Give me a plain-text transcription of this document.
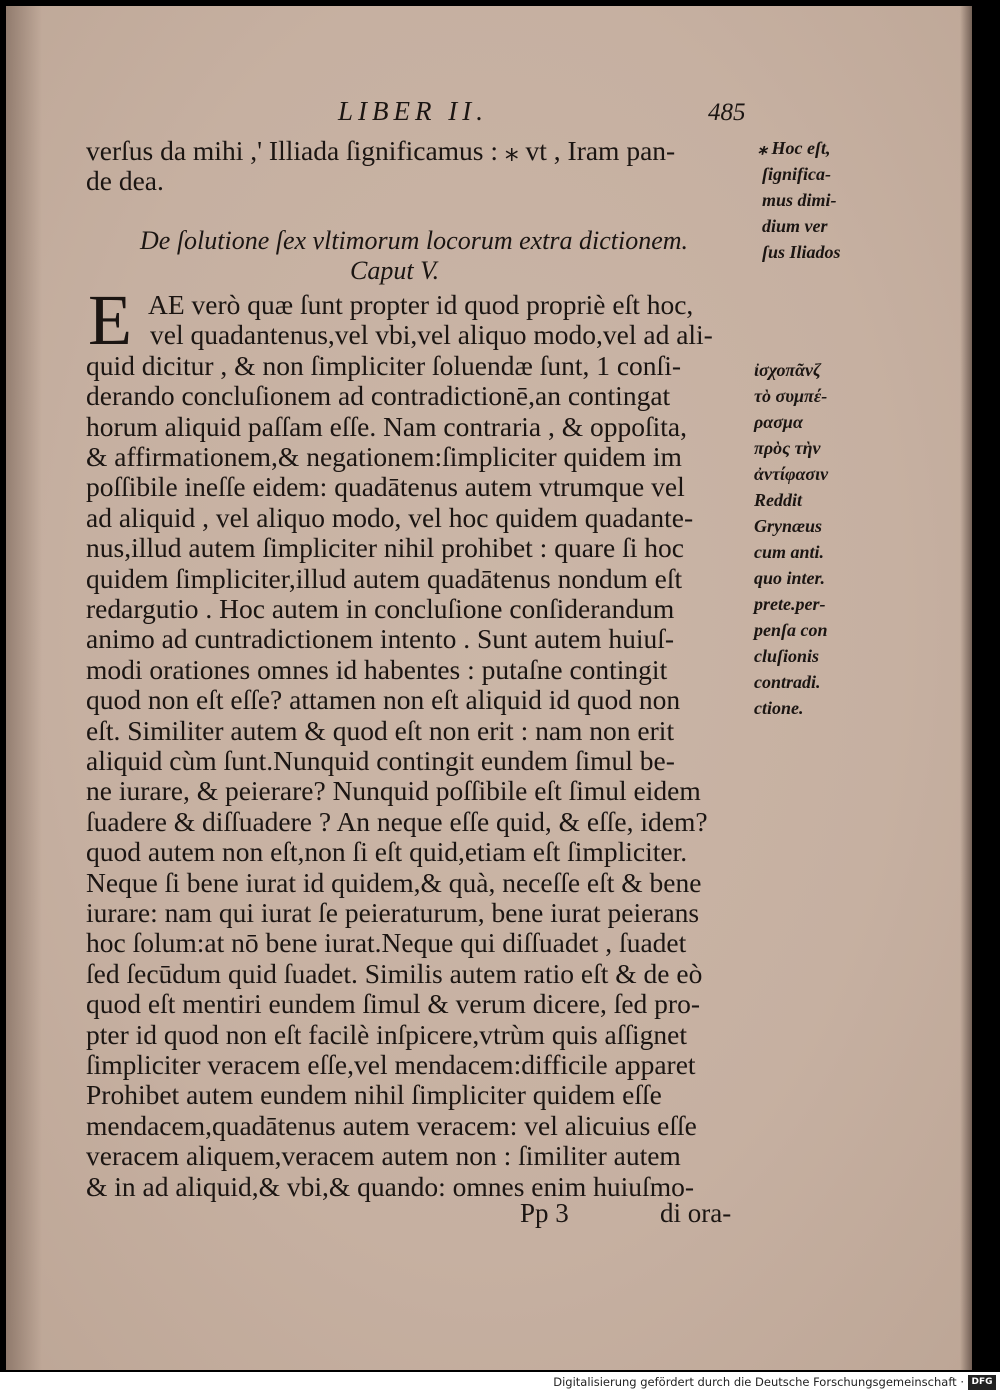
LIBER II.	485
verſus da mihi ,' Illiada ſignificamus : ⁎ vt , Iram pan-
de dea.
De ſolutione ſex vltimorum locorum extra dictionem.
Caput V.
E AE verò quæ ſunt propter id quod propriè eſt hoc,
vel quadantenus,vel vbi,vel aliquo modo,vel ad ali-
quid dicitur , & non ſimpliciter ſoluendæ ſunt, 1 conſi-
derando concluſionem ad contradictionē,an contingat
horum aliquid paſſam eſſe. Nam contraria , & oppoſita,
& affirmationem,& negationem:ſimpliciter quidem im
poſſibile ineſſe eidem: quadātenus autem vtrumque vel
ad aliquid , vel aliquo modo, vel hoc quidem quadante-
nus,illud autem ſimpliciter nihil prohibet : quare ſi hoc
quidem ſimpliciter,illud autem quadātenus nondum eſt
redargutio . Hoc autem in concluſione conſiderandum
animo ad cuntradictionem intento . Sunt autem huiuſ-
modi orationes omnes id habentes : putaſne contingit
quod non eſt eſſe? attamen non eſt aliquid id quod non
eſt. Similiter autem & quod eſt non erit : nam non erit
aliquid cùm ſunt.Nunquid contingit eundem ſimul be-
ne iurare, & peierare? Nunquid poſſibile eſt ſimul eidem
ſuadere & diſſuadere ? An neque eſſe quid, & eſſe, idem?
quod autem non eſt,non ſi eſt quid,etiam eſt ſimpliciter.
Neque ſi bene iurat id quidem,& quà, neceſſe eſt & bene
iurare: nam qui iurat ſe peieraturum, bene iurat peierans
hoc ſolum:at nō bene iurat.Neque qui diſſuadet , ſuadet
ſed ſecūdum quid ſuadet. Similis autem ratio eſt & de eò
quod eſt mentiri eundem ſimul & verum dicere, ſed pro-
pter id quod non eſt facilè inſpicere,vtrùm quis aſſignet
ſimpliciter veracem eſſe,vel mendacem:difficile apparet
Prohibet autem eundem nihil ſimpliciter quidem eſſe
mendacem,quadātenus autem veracem: vel alicuius eſſe
veracem aliquem,veracem autem non : ſimiliter autem
& in ad aliquid,& vbi,& quando: omnes enim huiuſmo-
Pp 3	di ora-
⁎ Hoc eſt,
ſignifica-
mus dimi-
dium ver
ſus Iliados
ἰσχοπᾶνζ
τὸ συμπέ-
ρασμα
πρὸς τὴν
ἀντίφασιν
Reddit
Grynæus
cum anti.
quo inter.
prete.per-
penſa con
cluſionis
contradi.
ctione.
Digitalisierung gefördert durch die Deutsche Forschungsgemeinschaft · DFG
